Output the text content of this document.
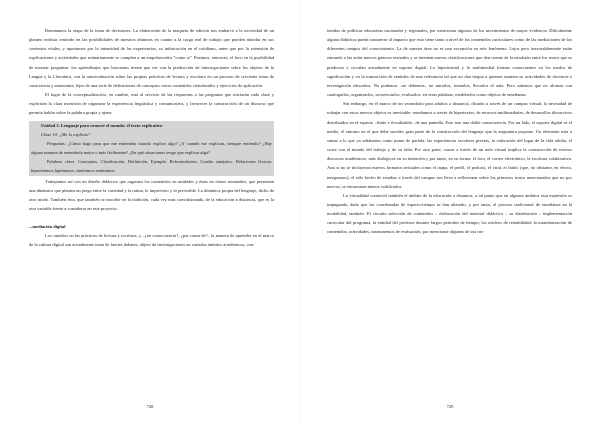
Retomamos la etapa de la toma de decisiones. La elaboración de la maqueta de edición nos embarcó a la necesidad de un planteo realista centrado en las posibilidades de nuestros alumnos en cuanto a la carga real de trabajo que pueden abordar en sus contextos vitales, y apostamos por la intensidad de las experiencias, su imbricación en el cotidiano, antes que por la extensión de explicaciones y actividades que rutinariamente se cumplen a un empobrecedor "como si". Pusimos, entonces, el foco en la posibilidad de mostrar preguntas: los aprendizajes que buscamos tienen que ver con la producción de interrogaciones sobre los objetos de la Lengua y la Literatura, con la autoevaluación sobre las propias prácticas de lectura y escritura en un proceso de creciente toma de consciencia y autonomía, lejos de una serie de definiciones de conceptos como contenidos cristalizados y ejercicios de aplicación.

El lugar de la conceptualización, en cambio, está al servicio de las respuestas a las preguntas que iniciarán cada clase y explicitan la clara intención de organizar la experiencia lingüística y comunicativa, y favorecer la construcción de un discurso que permita hablar sobre la palabra propia y ajena.

Unidad 3. Lenguaje para conocer el mundo: el texto explicativo

Clase 10: ¿Me lo explicás?

Preguntas: ¿Cómo hago para que me entiendan cuando explico algo? ¿Y cuando me explican, siempre entiendo? ¿Hay alguna manera de entenderla mejor o más fácilmente? ¿En qué situaciones tengo que explicar algo?

Palabras clave: Conceptos. Clasificación. Definición. Ejemplo. Reformulación. Cuadro sinóptico. Relaciones léxicas: hiperónimos hipónimos, sinónimos antónimos.

Trabajamos así con un diseño didáctico que organiza los contenidos en unidades y éstas en clases semanales, que presentan una dinámica que plantea un juego entre la variedad y la rutina, lo imprevisto y lo previsible. La dinámica propia del lenguaje, dicho de otro modo. También ésta, que también se inscribe en la tradición, cada vez más convulsionada, de la educación a distancia, que es la otra variable fuerte a considerar en este proyecto.

...mediación digital

Los cambios en las prácticas de lectura y escritura, y –¿en consecuencia?, ¿por causa de?– la manera de aprender en el marco de la cultura digital son actualmente tema de fuertes debates, objeto de investigaciones en variados ámbitos académicos, con-

728

tenidos de políticas educativas nacionales y regionales, por mencionar algunos de los movimientos de mayor evidencia. Difícilmente alguna didáctica pueda sustraerse al impacto que esto tiene tanto a nivel de los contenidos curriculares como de las mediaciones de los diferentes campos del conocimiento. La de nuestra área no es una excepción en este fenómeno. Lejos pero inexorablemente están entrando a las aulas nuevos géneros textuales y se intentan nuevas clasificaciones que den cuenta de la emulsión entre los textos que se producen y circulan actualmente en soporte digital. Lo hipertextual y lo multimedial forman consecuentes en los modos de significación y en la transacción de sentidos de una relevancia tal que no dan tregua a quienes asumen su actividades de docencia e investigación educativa. No podemos –no debemos– no mirarlos, tomarlos, llevarlos al aula. Pero sabemos que no alcanza con catalogarlos, organizarlos, secuenciarlos, evaluarlos: en otras palabras, modelarlos como objetos de enseñanza.

Sin embargo, en el marco de un secundario para adultos a distancia, dictado a través de un campus virtual, la necesidad de trabajar con estos nuevos objetos es inevitable: enseñamos a través de hipertextos, de recursos multimediales, de desarrollos discursivos distribuidos en el espacio –finito e ilocalizable– de una pantalla. Esto trae una doble consecuencia. Por un lado, el soporte digital es el medio, el entorno en el que debe suceder gran parte de la construcción del lenguaje que la asignatura propone. Un elemento más a sumar a lo que ya señalamos como punto de partida: las experiencias escolares previas, la valoración del lugar de la vida adulta, el cruce con el mundo del trabajo y de su falta. Por otra parte, cursar a través de un aula virtual implica la construcción de nuevos discursos académicos, más dialógicos en su intención y por tanto, en su forma: el foro, el correo electrónico, la escritura colaborativa. Aun si no se incluyeran nuevos formatos textuales como el mapa, el perfil, el podcast, el viral, el fanfic (que, no obstante, en efecto, integramos), el sólo hecho de estudiar a través del campus nos lleva a reflexionar sobre los primeros textos mencionados que no por nuevos, se encuentran menos codificados.

La virtualidad connovió también el ámbito de la educación a distancia, a tal punto que en algunos ámbitos esta expresión es impugnada, dado que las coordenadas de espacio-tiempo se han alterado, y por tanto, el proceso tradicional de enseñanza en la modalidad, también. El circuito selección de contenidos – elaboración del material didáctico – su distribución – implementación curricular del programa, la entidad del profesor durante largos períodos de tiempo; los núcleos de rentabilidad; la estandarización de contenidos, actividades, instrumentos de evaluación, por mencionar algunos de sus ras-

729
